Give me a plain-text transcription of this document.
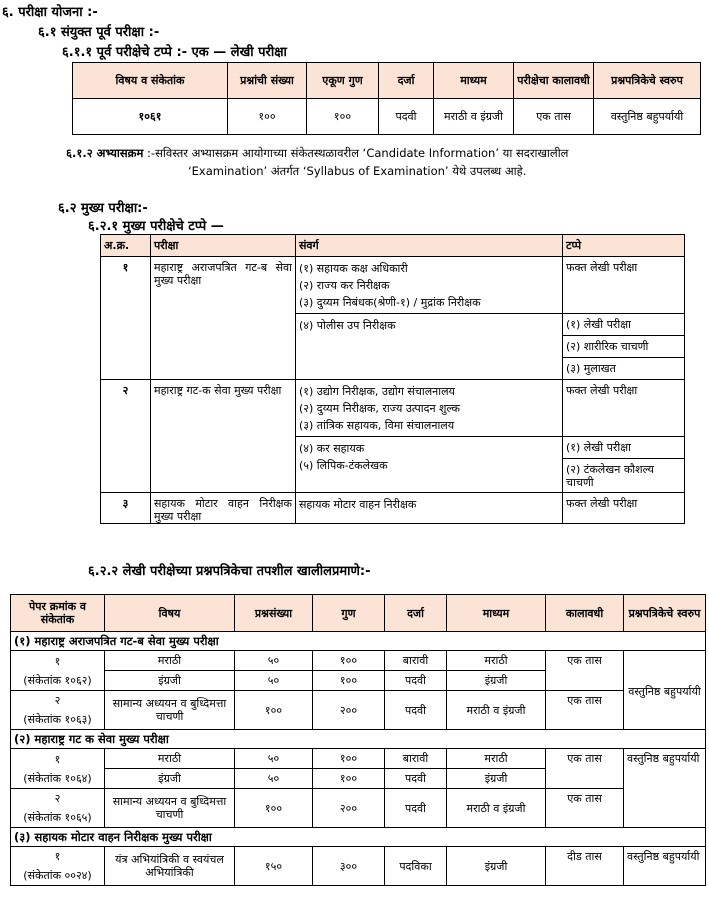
६. परीक्षा योजना :-
६.१ संयुक्त पूर्व परीक्षा :-
६.१.१ पूर्व परीक्षेचे टप्पे :- एक — लेखी परीक्षा
विषय व संकेतांक	प्रश्नांची संख्या	एकूण गुण	दर्जा	माध्यम	परीक्षेचा कालावधी	प्रश्नपत्रिकेचे स्वरुप
१०६१	१००	१००	पदवी	मराठी व इंग्रजी	एक तास	वस्तुनिष्ठ बहुपर्यायी

६.१.२ अभ्यासक्रम :-सविस्तर अभ्यासक्रम आयोगाच्या संकेतस्थळावरील ‘Candidate Information’ या सदराखालील

‘Examination’ अंतर्गत ‘Syllabus of Examination’ येथे उपलब्ध आहे.

६.२ मुख्य परीक्षा:-
६.२.१ मुख्य परीक्षेचे टप्पे —
अ.क्र.	परीक्षा	संवर्ग	टप्पे
१	महाराष्ट्र अराजपत्रित गट-ब सेवा मुख्य परीक्षा	(१) सहायक कक्ष अधिकारी
(२) राज्य कर निरीक्षक
(३) दुय्यम निबंधक(श्रेणी-१) / मुद्रांक निरीक्षक	फक्त लेखी परीक्षा

		(४) पोलीस उप निरीक्षक	(१) लेखी परीक्षा
			(२) शारीरिक चाचणी
			(३) मुलाखत
२	महाराष्ट्र गट-क सेवा मुख्य परीक्षा	(१) उद्योग निरीक्षक, उद्योग संचालनालय
(२) दुय्यम निरीक्षक, राज्य उत्पादन शुल्क
(३) तांत्रिक सहायक, विमा संचालनालय	फक्त लेखी परीक्षा

		(४) कर सहायक
(५) लिपिक-टंकलेखक	(१) लेखी परीक्षा
			(२) टंकलेखन कौशल्य चाचणी
३	सहायक मोटार वाहन निरीक्षक मुख्य परीक्षा	सहायक मोटार वाहन निरीक्षक	फक्त लेखी परीक्षा
६.२.२ लेखी परीक्षेच्या प्रश्नपत्रिकेचा तपशील खालीलप्रमाणे:-
पेपर क्रमांक व संकेतांक	विषय	प्रश्नसंख्या	गुण	दर्जा	माध्यम	कालावधी	प्रश्नपत्रिकेचे स्वरुप
(१) महाराष्ट्र अराजपत्रित गट-ब सेवा मुख्य परीक्षा							

१
(संकेतांक १०६२)	मराठी	५०	१००	बारावी	मराठी	एक तास	वस्तुनिष्ठ बहुपर्यायी
	इंग्रजी	५०	१००	पदवी	इंग्रजी		

२
(संकेतांक १०६३)	सामान्य अध्ययन व बुध्दिमत्ता चाचणी	१००	२००	पदवी	मराठी व इंग्रजी	एक तास	
(२) महाराष्ट्र गट क सेवा मुख्य परीक्षा							

१
(संकेतांक १०६४)	मराठी	५०	१००	बारावी	मराठी	एक तास	वस्तुनिष्ठ बहुपर्यायी
	इंग्रजी	५०	१००	पदवी	इंग्रजी		

२
(संकेतांक १०६५)	सामान्य अध्ययन व बुध्दिमत्ता चाचणी	१००	२००	पदवी	मराठी व इंग्रजी	एक तास	
(३) सहायक मोटार वाहन निरीक्षक मुख्य परीक्षा							

१
(संकेतांक ००२४)	यंत्र अभियांत्रिकी व स्वयंचल अभियांत्रिकी	१५०	३००	पदविका	इंग्रजी	दीड तास	वस्तुनिष्ठ बहुपर्यायी
